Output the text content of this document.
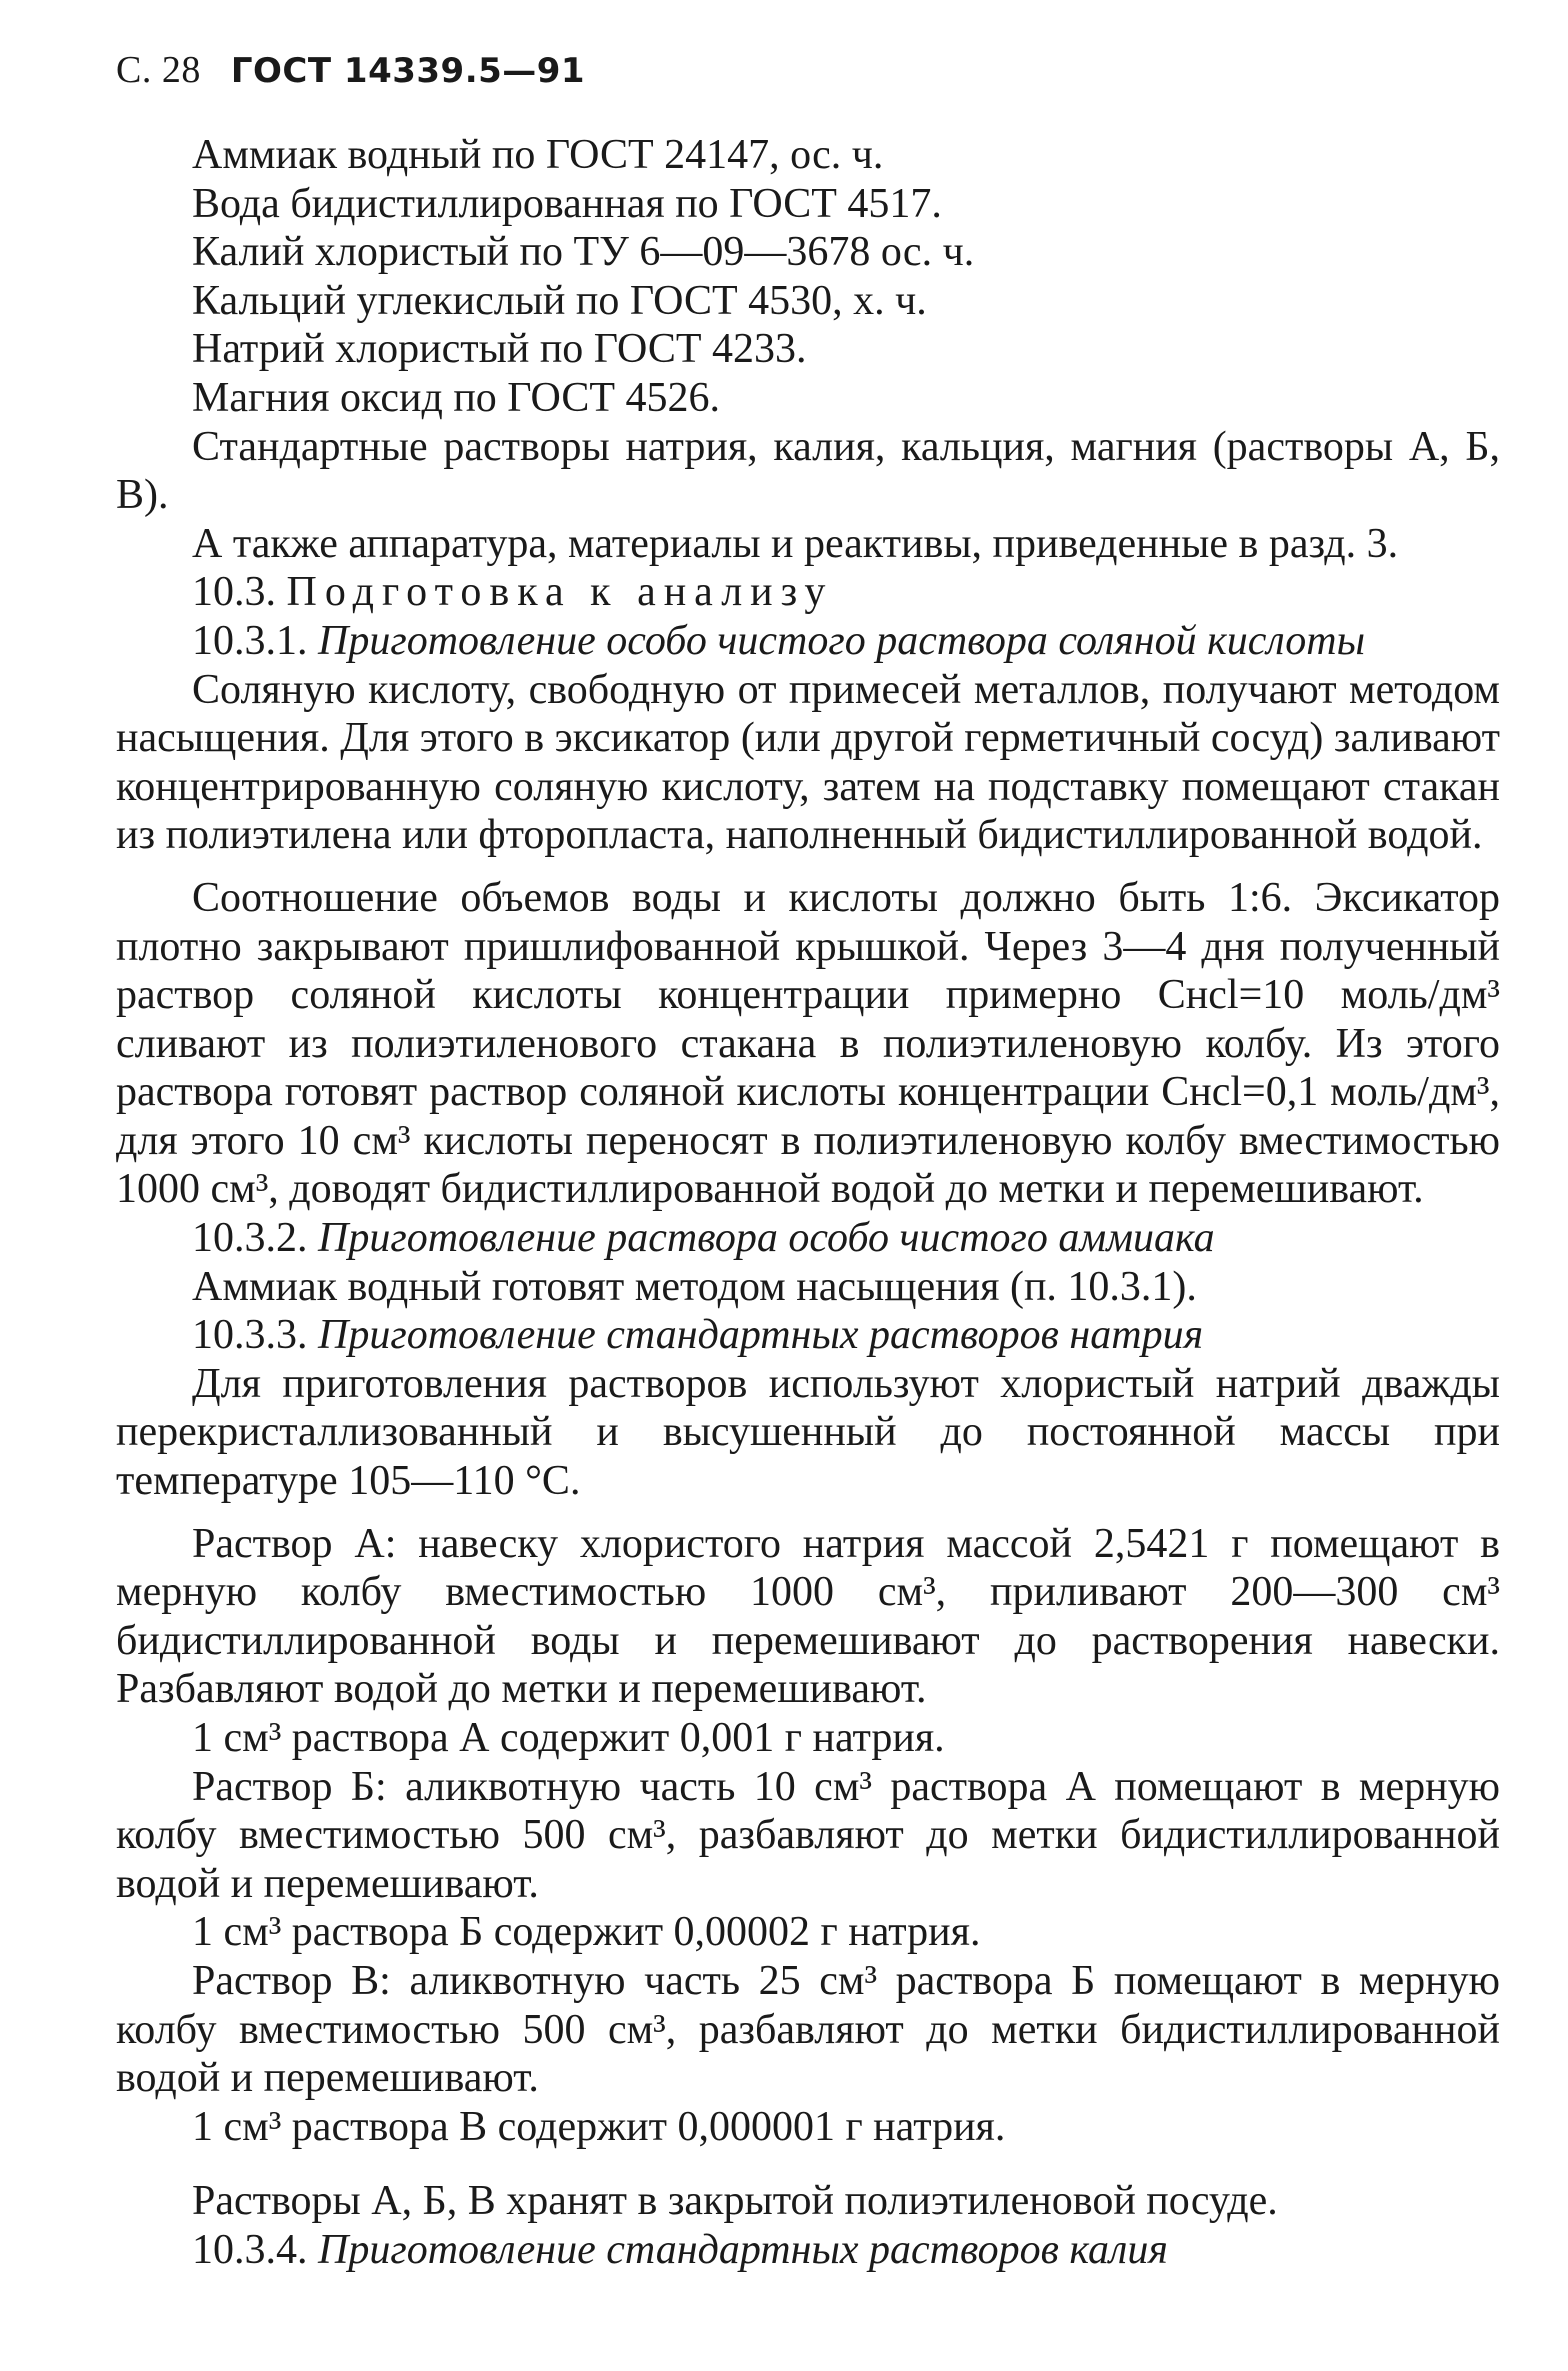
С. 28 ГОСТ 14339.5—91
Аммиак водный по ГОСТ 24147, ос. ч.
Вода бидистиллированная по ГОСТ 4517.
Калий хлористый по ТУ 6—09—3678 ос. ч.
Кальций углекислый по ГОСТ 4530, х. ч.
Натрий хлористый по ГОСТ 4233.
Магния оксид по ГОСТ 4526.

Стандартные растворы натрия, калия, кальция, магния (растворы А, Б, В).

А также аппаратура, материалы и реактивы, приведенные в разд. 3.

10.3. Подготовка к анализу

10.3.1. Приготовление особо чистого раствора соляной кислоты

Соляную кислоту, свободную от примесей металлов, получают методом насыщения. Для этого в эксикатор (или другой герметичный сосуд) заливают концентрированную соляную кислоту, затем на подставку помещают стакан из полиэтилена или фторопласта, наполненный бидистиллированной водой.

Соотношение объемов воды и кислоты должно быть 1:6. Эксикатор плотно закрывают пришлифованной крышкой. Через 3—4 дня полученный раствор соляной кислоты концентрации примерно Cнсl=10 моль/дм³ сливают из полиэтиленового стакана в полиэтиленовую колбу. Из этого раствора готовят раствор соляной кислоты концентрации Cнсl=0,1 моль/дм³, для этого 10 см³ кислоты переносят в полиэтиленовую колбу вместимостью 1000 см³, доводят бидистиллированной водой до метки и перемешивают.

10.3.2. Приготовление раствора особо чистого аммиака

Аммиак водный готовят методом насыщения (п. 10.3.1).

10.3.3. Приготовление стандартных растворов натрия

Для приготовления растворов используют хлористый натрий дважды перекристаллизованный и высушенный до постоянной массы при температуре 105—110 °С.

Раствор А: навеску хлористого натрия массой 2,5421 г помещают в мерную колбу вместимостью 1000 см³, приливают 200—300 см³ бидистиллированной воды и перемешивают до растворения навески. Разбавляют водой до метки и перемешивают.

1 см³ раствора А содержит 0,001 г натрия.

Раствор Б: аликвотную часть 10 см³ раствора А помещают в мерную колбу вместимостью 500 см³, разбавляют до метки бидистиллированной водой и перемешивают.

1 см³ раствора Б содержит 0,00002 г натрия.

Раствор В: аликвотную часть 25 см³ раствора Б помещают в мерную колбу вместимостью 500 см³, разбавляют до метки бидистиллированной водой и перемешивают.

1 см³ раствора В содержит 0,000001 г натрия.

Растворы А, Б, В хранят в закрытой полиэтиленовой посуде.

10.3.4. Приготовление стандартных растворов калия
